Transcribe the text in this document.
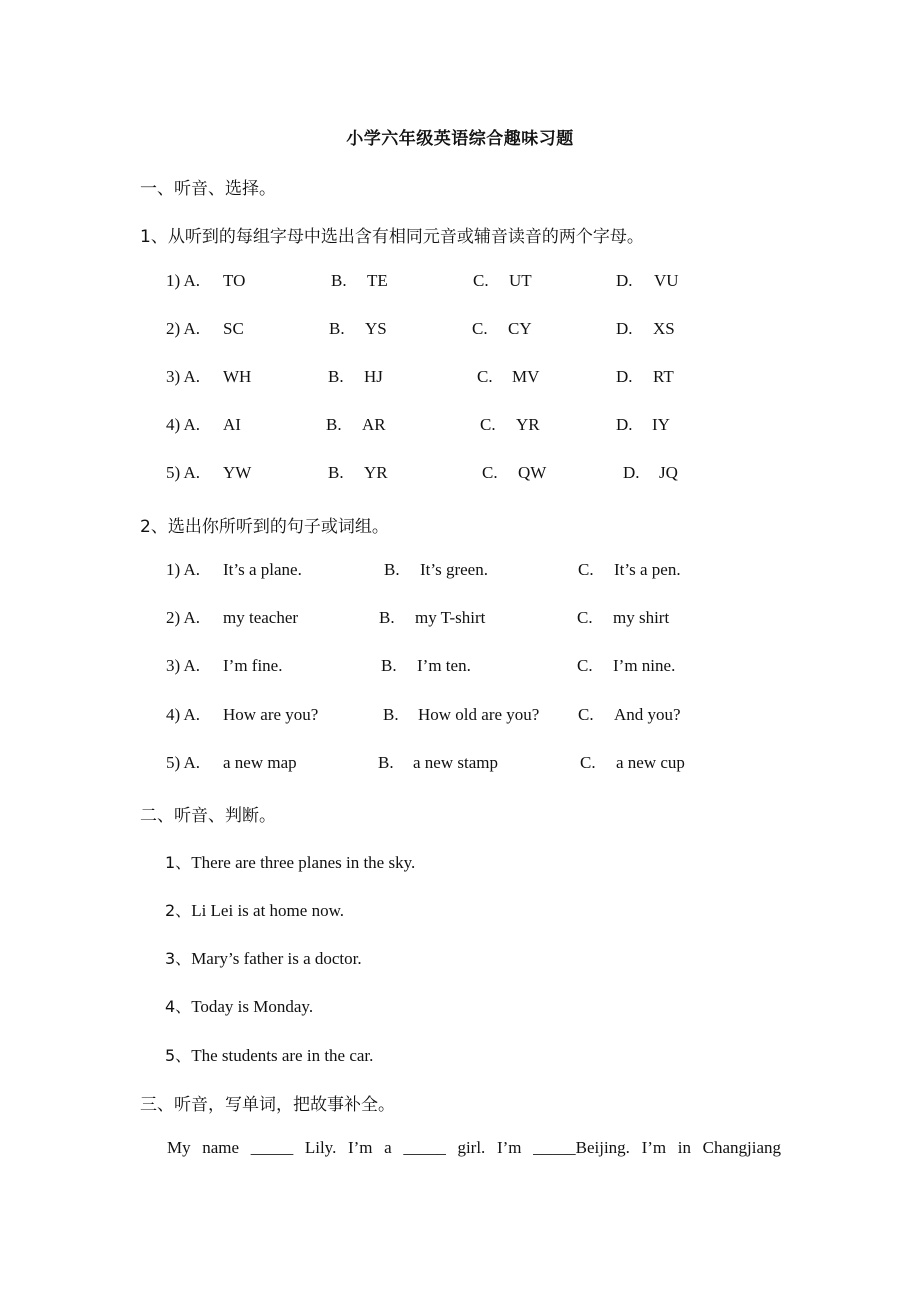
小学六年级英语综合趣味习题
一、听音、选择。
1、从听到的每组字母中选出含有相同元音或辅音读音的两个字母。
1) A. TO	B. TE	C. UT	D. VU
2) A. SC	B. YS	C. CY	D. XS
3) A. WH	B. HJ	C. MV	D. RT
4) A. AI	B. AR	C. YR	D. IY
5) A. YW	B. YR	C. QW	D. JQ
2、选出你所听到的句子或词组。
1) A. It’s a plane.	B. It’s green.	C. It’s a pen.
2) A. my teacher	B. my T-shirt	C. my shirt
3) A. I’m fine.	B. I’m ten.	C. I’m nine.
4) A. How are you?	B. How old are you? C. And you?
5) A. a new map	B. a new stamp	C. a new cup
二、听音、判断。
1、There are three planes in the sky.
2、Li Lei is at home now.
3、Mary’s father is a doctor.
4、Today is Monday.
5、The students are in the car.
三、听音，写单词，把故事补全。
My name _____ Lily. I’m a _____ girl. I’m _____Beijing. I’m in Changjiang
